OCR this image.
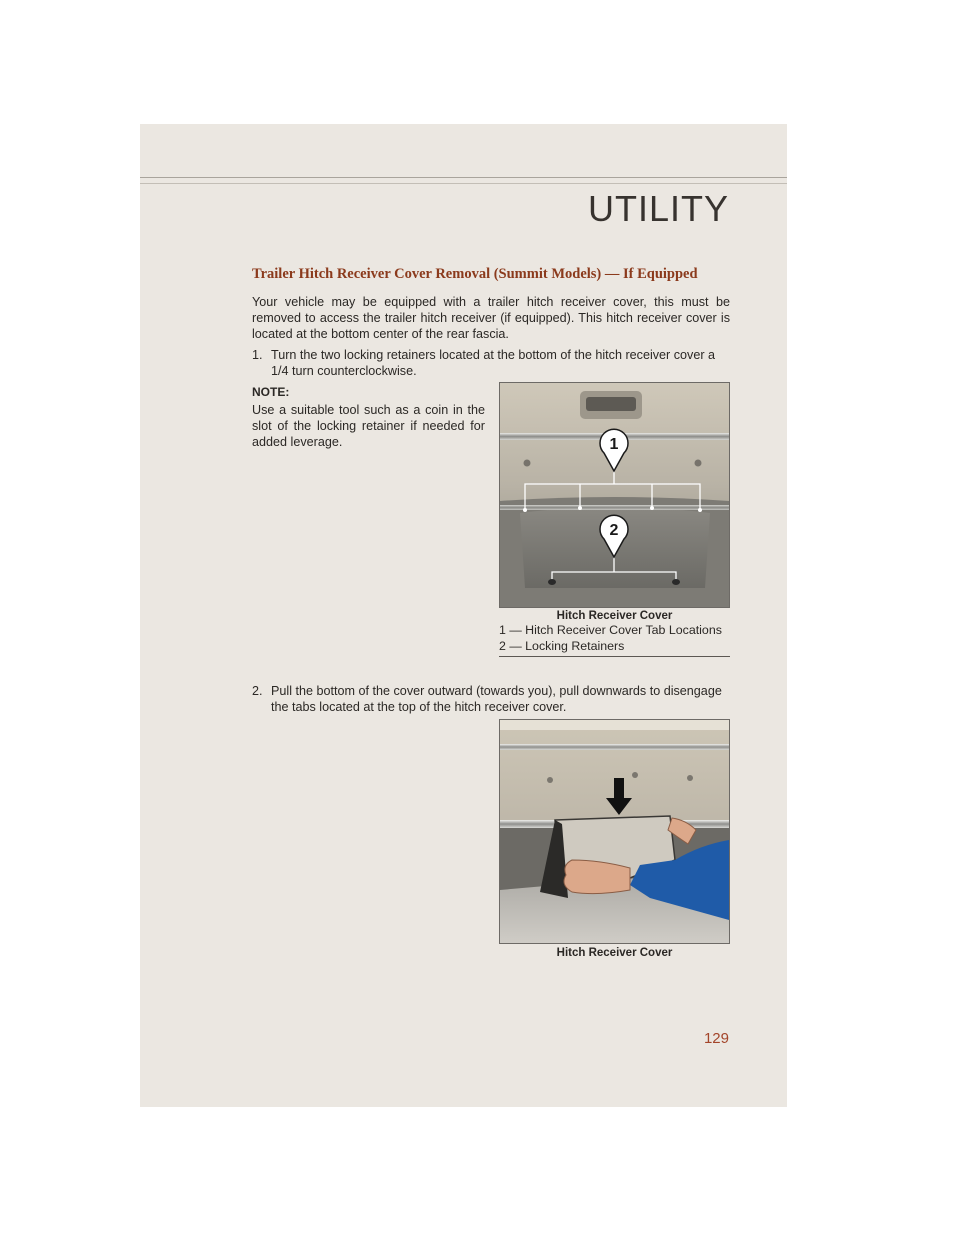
UTILITY
Trailer Hitch Receiver Cover Removal (Summit Models) — If Equipped

Your vehicle may be equipped with a trailer hitch receiver cover, this must be removed to access the trailer hitch receiver (if equipped). This hitch receiver cover is located at the bottom center of the rear fascia.

1. Turn the two locking retainers located at the bottom of the hitch receiver cover a 1/4 turn counterclockwise.

NOTE:

Use a suitable tool such as a coin in the slot of the locking retainer if needed for added leverage.	1
2
Hitch Receiver Cover
1 — Hitch Receiver Cover Tab Locations
2 — Locking Retainers
2. Pull the bottom of the cover outward (towards you), pull downwards to disengage the tabs located at the top of the hitch receiver cover.
Hitch Receiver Cover

129
